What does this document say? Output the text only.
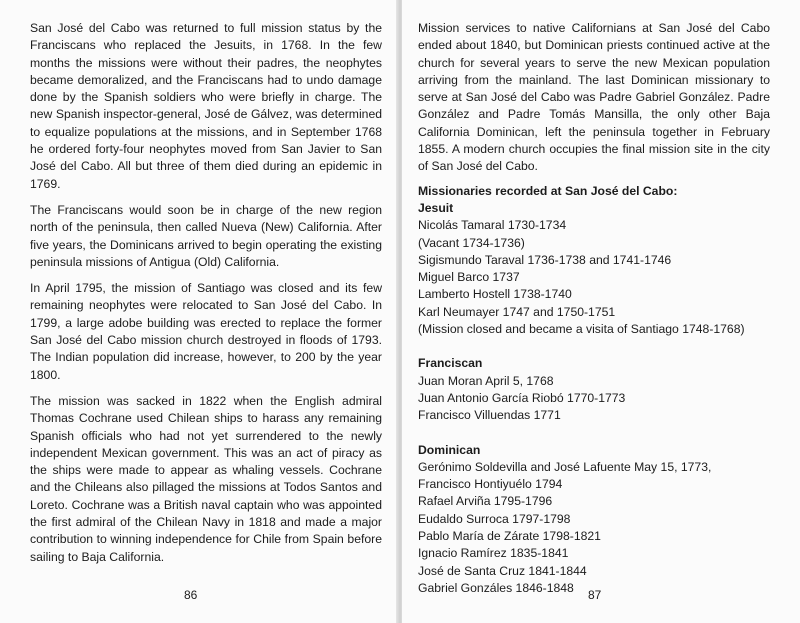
San José del Cabo was returned to full mission status by the Franciscans who replaced the Jesuits, in 1768. In the few months the missions were without their padres, the neophytes became demoralized, and the Franciscans had to undo damage done by the Spanish soldiers who were briefly in charge. The new Spanish inspector-general, José de Gálvez, was determined to equalize populations at the missions, and in September 1768 he ordered forty-four neophytes moved from San Javier to San José del Cabo. All but three of them died during an epidemic in 1769.

The Franciscans would soon be in charge of the new region north of the peninsula, then called Nueva (New) California. After five years, the Dominicans arrived to begin operating the existing peninsula missions of Antigua (Old) California.

In April 1795, the mission of Santiago was closed and its few remaining neophytes were relocated to San José del Cabo. In 1799, a large adobe building was erected to replace the former San José del Cabo mission church destroyed in floods of 1793. The Indian population did increase, however, to 200 by the year 1800.

The mission was sacked in 1822 when the English admiral Thomas Cochrane used Chilean ships to harass any remaining Spanish officials who had not yet surrendered to the newly independent Mexican government. This was an act of piracy as the ships were made to appear as whaling vessels. Cochrane and the Chileans also pillaged the missions at Todos Santos and Loreto. Cochrane was a British naval captain who was appointed the first admiral of the Chilean Navy in 1818 and made a major contribution to winning independence for Chile from Spain before sailing to Baja California.

86

Mission services to native Californians at San José del Cabo ended about 1840, but Dominican priests continued active at the church for several years to serve the new Mexican population arriving from the mainland. The last Dominican missionary to serve at San José del Cabo was Padre Gabriel González. Padre González and Padre Tomás Mansilla, the only other Baja California Dominican, left the peninsula together in February 1855. A modern church occupies the final mission site in the city of San José del Cabo.

Missionaries recorded at San José del Cabo:
Jesuit
Nicolás Tamaral 1730-1734
(Vacant 1734-1736)
Sigismundo Taraval 1736-1738 and 1741-1746
Miguel Barco 1737
Lamberto Hostell 1738-1740
Karl Neumayer 1747 and 1750-1751
(Mission closed and became a visita of Santiago 1748-1768)
Franciscan
Juan Moran April 5, 1768
Juan Antonio García Riobó 1770-1773
Francisco Villuendas 1771
Dominican
Gerónimo Soldevilla and José Lafuente May 15, 1773,
Francisco Hontiyuélo 1794
Rafael Arviña 1795-1796
Eudaldo Surroca 1797-1798
Pablo María de Zárate 1798-1821
Ignacio Ramírez 1835-1841
José de Santa Cruz 1841-1844
Gabriel Gonzáles 1846-1848
87
